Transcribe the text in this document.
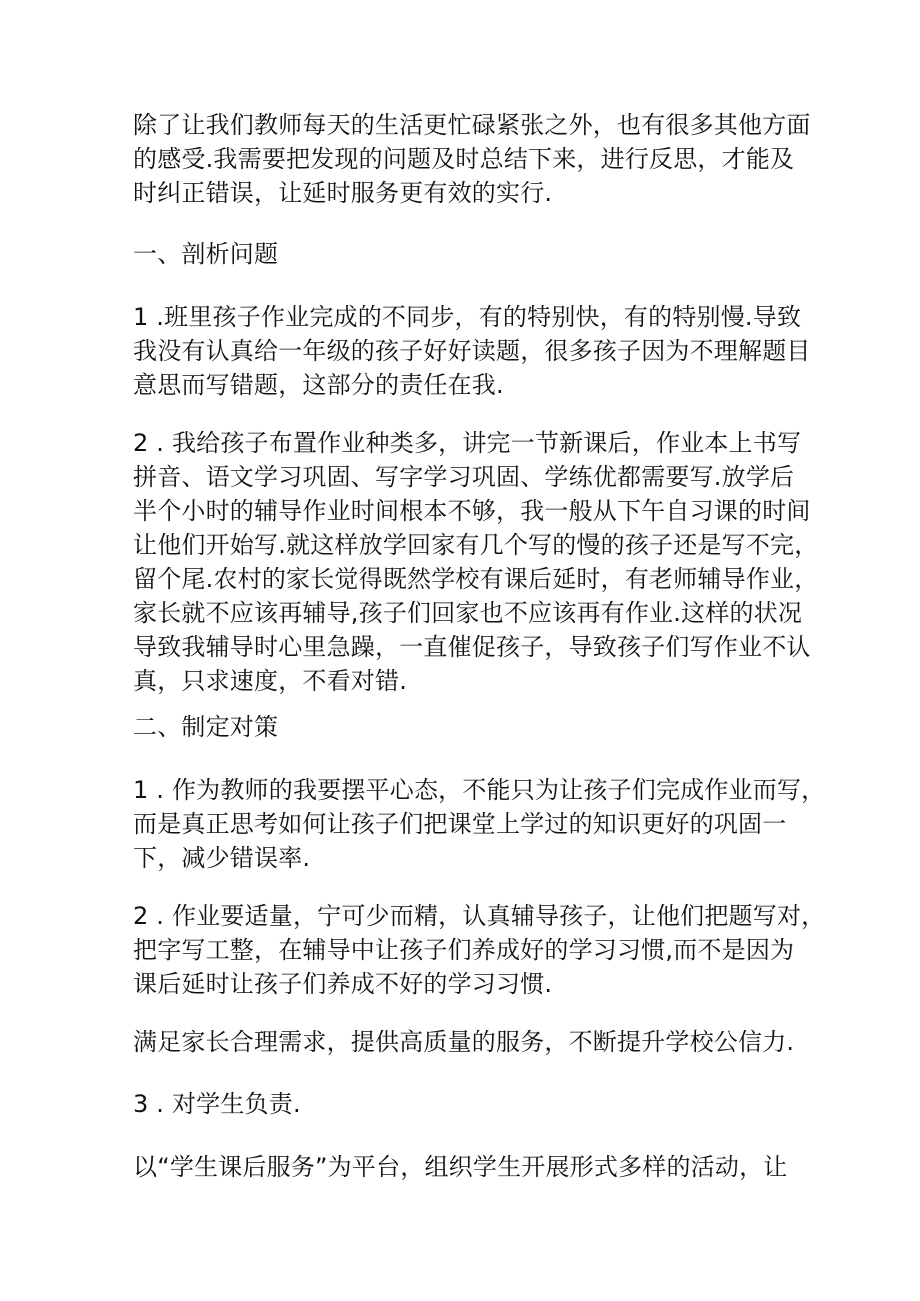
除了让我们教师每天的生活更忙碌紧张之外，也有很多其他方面
的感受.我需要把发现的问题及时总结下来，进行反思，才能及
时纠正错误，让延时服务更有效的实行.

一、剖析问题

1 .班里孩子作业完成的不同步，有的特别快，有的特别慢.导致
我没有认真给一年级的孩子好好读题，很多孩子因为不理解题目
意思而写错题，这部分的责任在我.

2 . 我给孩子布置作业种类多，讲完一节新课后，作业本上书写
拼音、语文学习巩固、写字学习巩固、学练优都需要写.放学后
半个小时的辅导作业时间根本不够，我一般从下午自习课的时间
让他们开始写.就这样放学回家有几个写的慢的孩子还是写不完，
留个尾.农村的家长觉得既然学校有课后延时，有老师辅导作业，
家长就不应该再辅导,孩子们回家也不应该再有作业.这样的状况
导致我辅导时心里急躁，一直催促孩子，导致孩子们写作业不认
真，只求速度，不看对错.

二、制定对策

1 . 作为教师的我要摆平心态，不能只为让孩子们完成作业而写，
而是真正思考如何让孩子们把课堂上学过的知识更好的巩固一
下，减少错误率.

2 . 作业要适量，宁可少而精，认真辅导孩子，让他们把题写对，
把字写工整，在辅导中让孩子们养成好的学习习惯,而不是因为
课后延时让孩子们养成不好的学习习惯.

满足家长合理需求，提供高质量的服务，不断提升学校公信力.

3 . 对学生负责.

以“学生课后服务”为平台，组织学生开展形式多样的活动，让
